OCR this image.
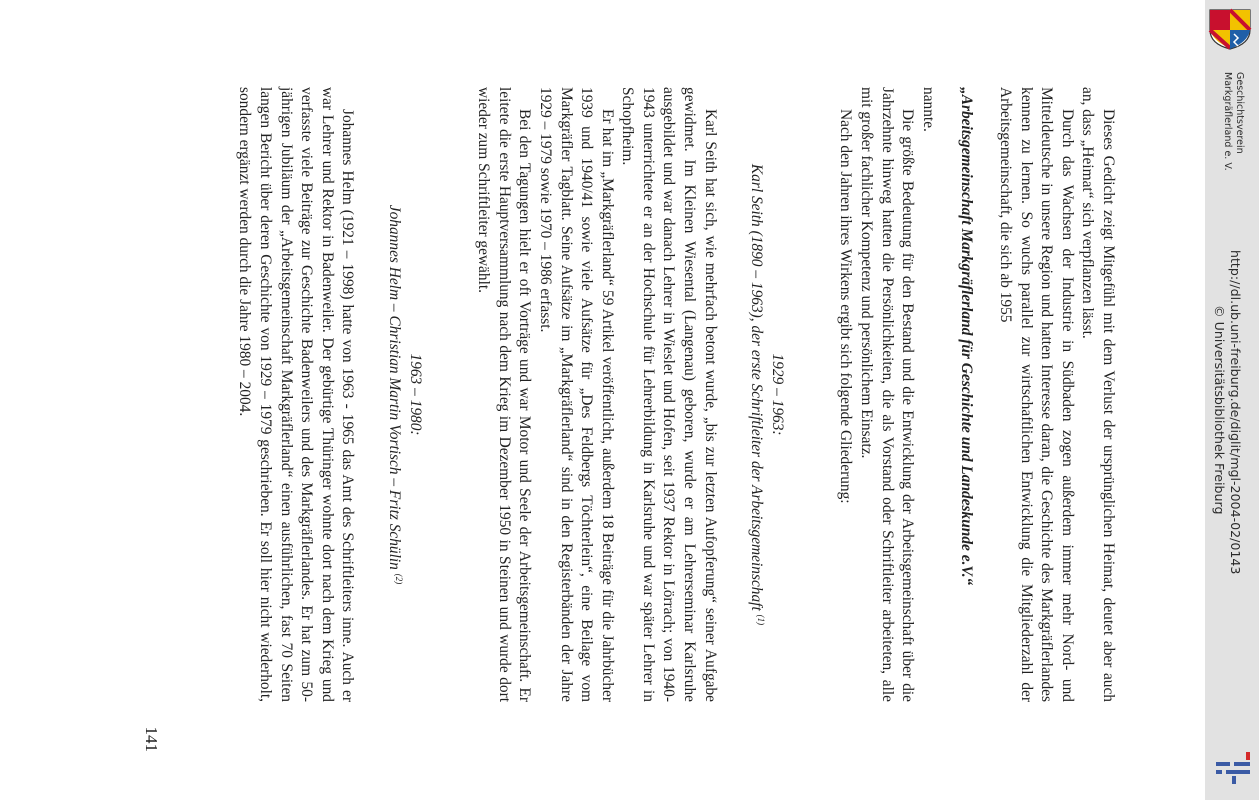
Dieses Gedicht zeigt Mitgefühl mit dem Verlust der ursprünglichen Heimat, deutet aber auch an, dass „Heimat“ sich verpflanzen lässt.

Durch das Wachsen der Industrie in Südbaden zogen außerdem immer mehr Nord- und Mitteldeutsche in unsere Region und hatten Interesse daran, die Geschichte des Markgräflerlandes kennen zu lernen. So wuchs parallel zur wirtschaftlichen Entwicklung die Mitgliederzahl der Arbeitsgemeinschaft, die sich ab 1955

„Arbeitsgemeinschaft Markgräflerland für Geschichte und Landeskunde e.V.“

nannte.

Die größte Bedeutung für den Bestand und die Entwicklung der Arbeitsgemeinschaft über die Jahrzehnte hinweg hatten die Persönlichkeiten, die als Vorstand oder Schriftleiter arbeiteten, alle mit großer fachlicher Kompetenz und persönlichem Einsatz.

Nach den Jahren ihres Wirkens ergibt sich folgende Gliederung:

1929 – 1963:

Karl Seith (1890 – 1963), der erste Schriftleiter der Arbeitsgemeinschaft $^{(1)}$

Karl Seith hat sich, wie mehrfach betont wurde, „bis zur letzten Aufopferung“ seiner Aufgabe gewidmet. Im Kleinen Wiesental (Langenau) geboren, wurde er am Lehrerseminar Karlsruhe ausgebildet und war danach Lehrer in Wieslet und Hofen, seit 1937 Rektor in Lörrach; von 1940-1943 unterrichtete er an der Hochschule für Lehrerbildung in Karlsruhe und war später Lehrer in Schopfheim.

Er hat im „Markgräflerland“ 59 Artikel veröffentlicht, außerdem 18 Beiträge für die Jahrbücher 1939 und 1940/41 sowie viele Aufsätze für „Des Feldbergs Töchterlein“, eine Beilage vom Markgräfler Tagblatt. Seine Aufsätze im „Markgräflerland“ sind in den Registerbänden der Jahre 1929 – 1979 sowie 1970 – 1986 erfasst.

Bei den Tagungen hielt er oft Vorträge und war Motor und Seele der Arbeitsgemeinschaft. Er leitete die erste Hauptversammlung nach dem Krieg im Dezember 1950 in Steinen und wurde dort wieder zum Schriftleiter gewählt.

1963 – 1980:

Johannes Helm – Christian Martin Vortisch – Fritz Schülin $^{(2)}$

Johannes Helm (1921 – 1998) hatte von 1963 - 1965 das Amt des Schriftleiters inne. Auch er war Lehrer und Rektor in Badenweiler. Der gebürtige Thüringer wohnte dort nach dem Krieg und verfasste viele Beiträge zur Geschichte Badenweilers und des Markgräflerlandes. Er hat zum 50-jährigen Jubiläum der „Arbeitsgemeinschaft Markgräflerland“ einen ausführlichen, fast 70 Seiten langen Bericht über deren Geschichte von 1929 – 1979 geschrieben. Er soll hier nicht wiederholt, sondern ergänzt werden durch die Jahre 1980 – 2004.

141
http://dl.ub.uni-freiburg.de/diglit/mgl-2004-02/0143
© Universitätsbibliothek Freiburg
Geschichtsverein
Markgräflerland e. V.
